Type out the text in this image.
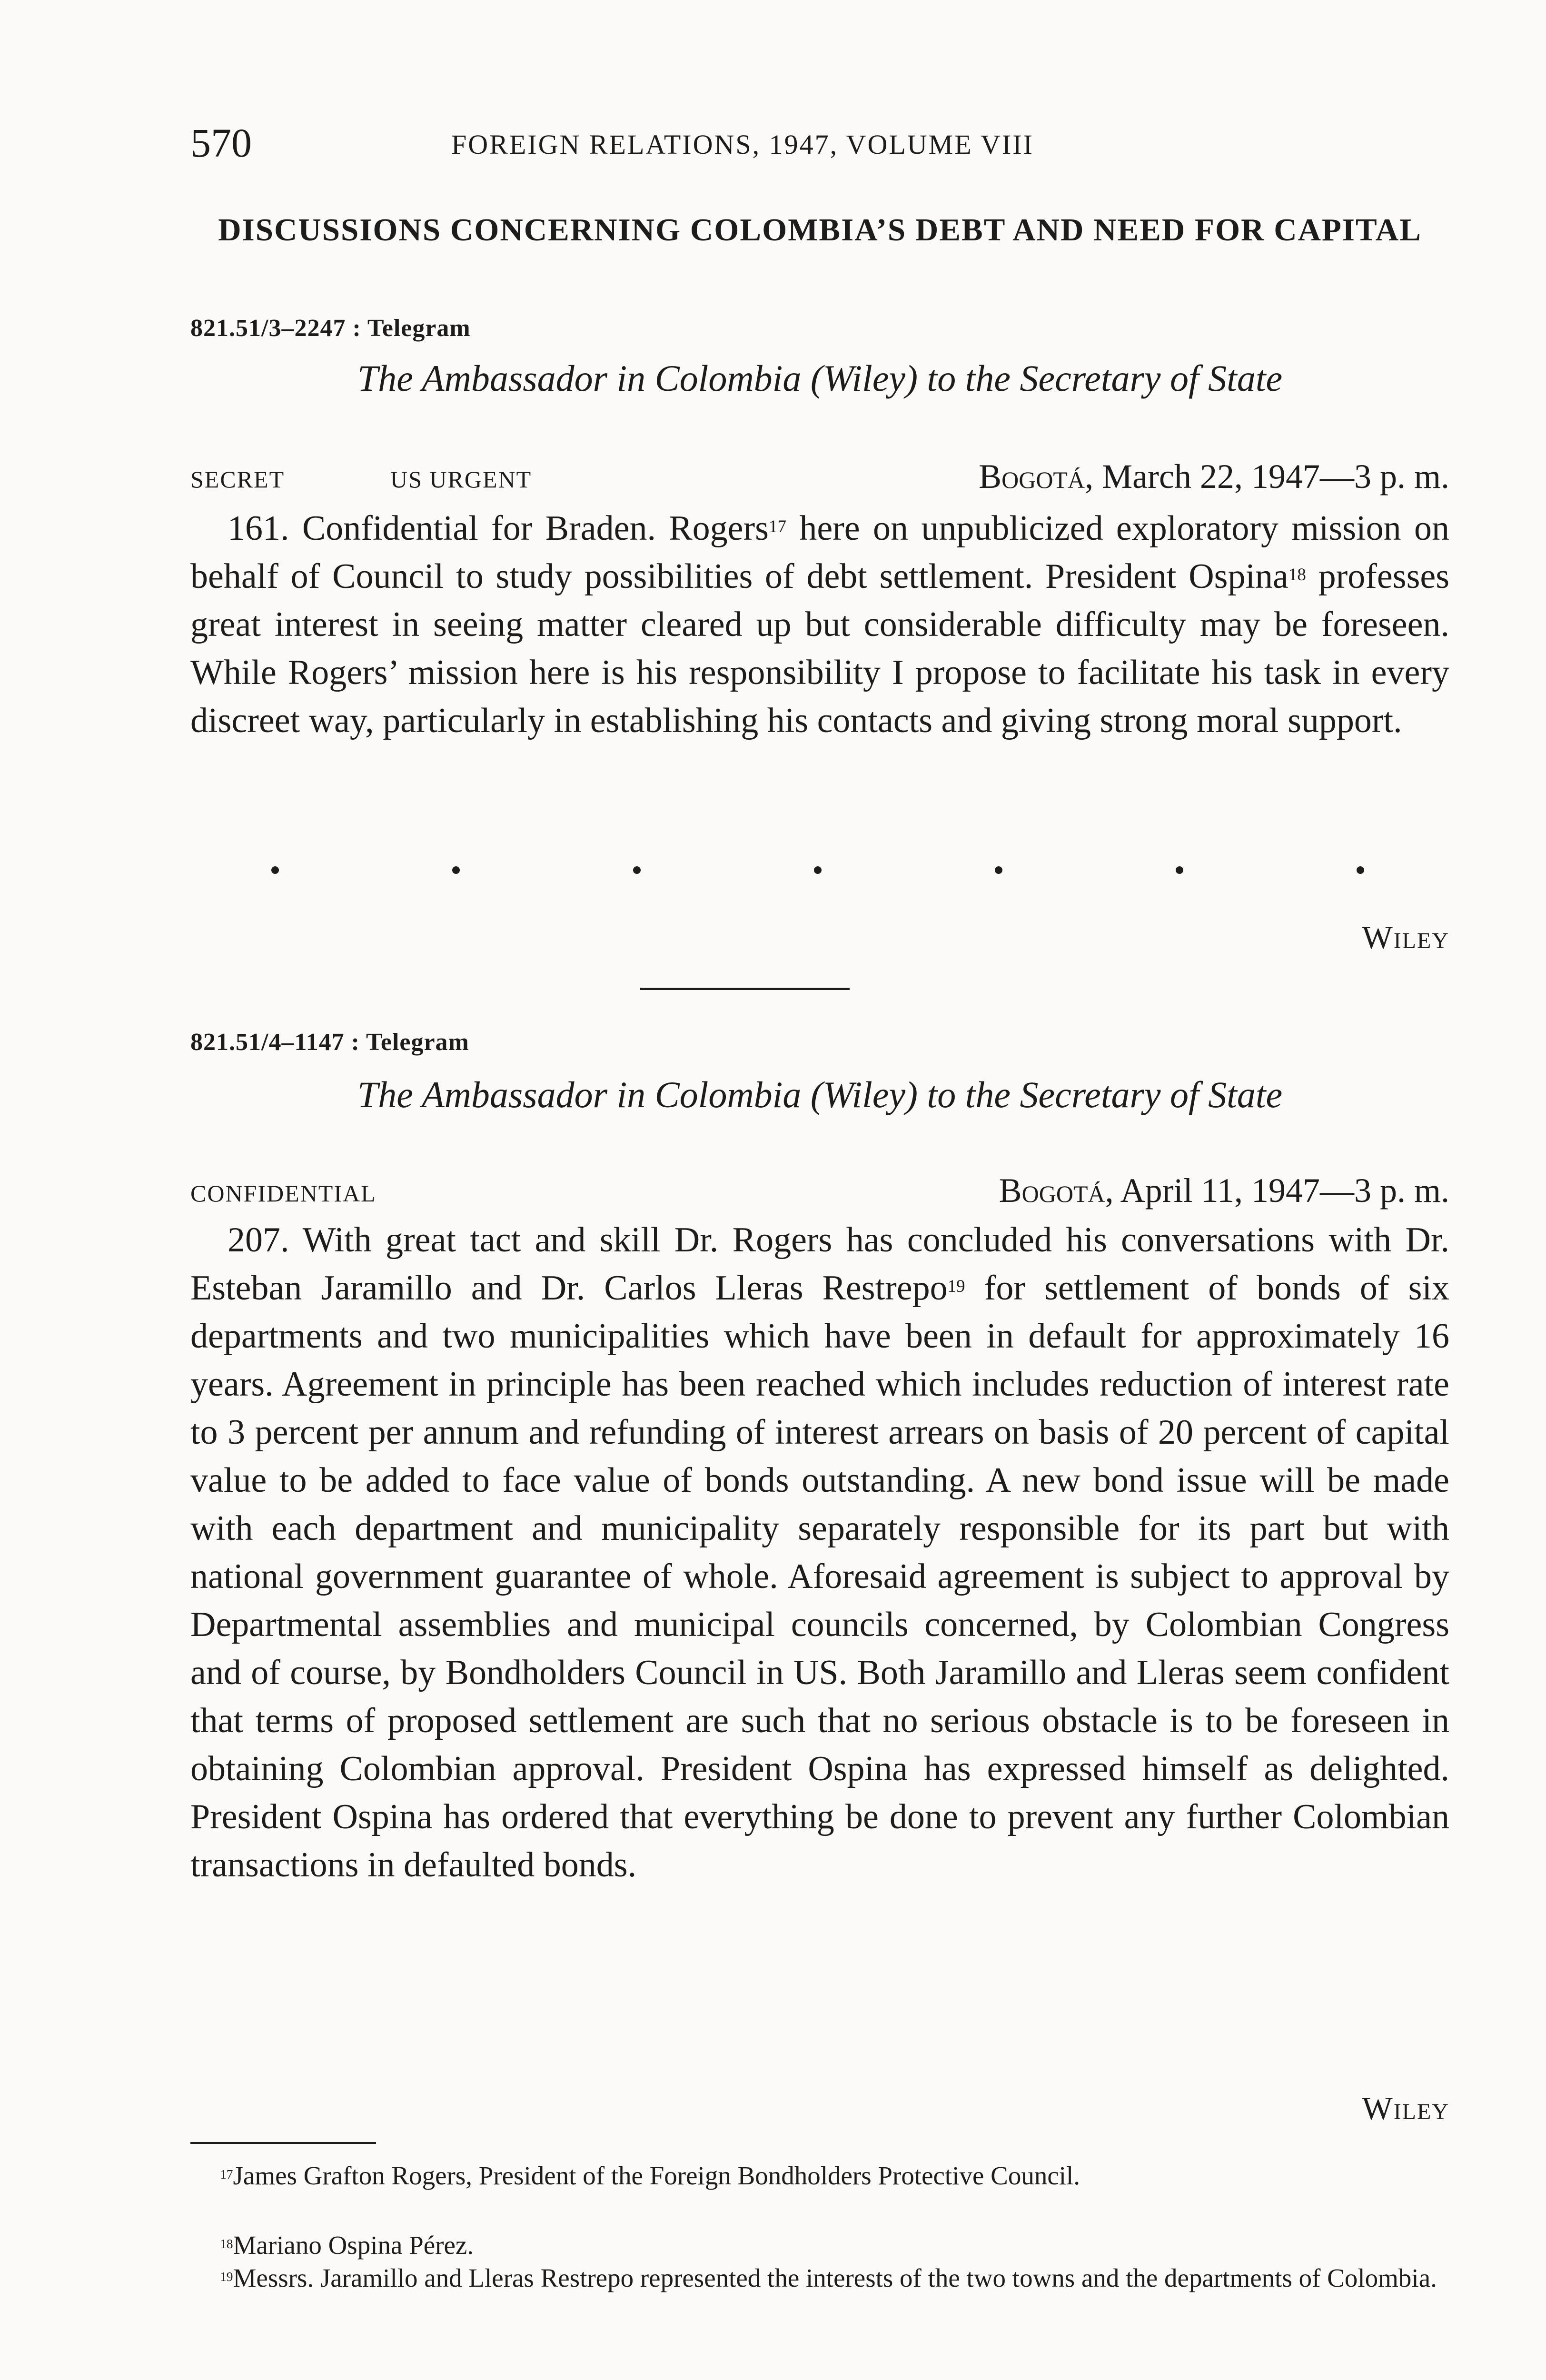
570	FOREIGN RELATIONS, 1947, VOLUME VIII
DISCUSSIONS CONCERNING COLOMBIA’S DEBT AND NEED FOR CAPITAL
821.51/3–2247 : Telegram
The Ambassador in Colombia (Wiley) to the Secretary of State
SECRET	US URGENT	Bogotá, March 22, 1947—3 p. m.

161. Confidential for Braden. Rogers$^{17}$ here on unpublicized exploratory mission on behalf of Council to study possibilities of debt settlement. President Ospina$^{18}$ professes great interest in seeing matter cleared up but considerable difficulty may be foreseen. While Rogers’ mission here is his responsibility I propose to facilitate his task in every discreet way, particularly in establishing his contacts and giving strong moral support.

Wiley
821.51/4–1147 : Telegram
The Ambassador in Colombia (Wiley) to the Secretary of State
CONFIDENTIAL	Bogotá, April 11, 1947—3 p. m.

207. With great tact and skill Dr. Rogers has concluded his conversations with Dr. Esteban Jaramillo and Dr. Carlos Lleras Restrepo$^{19}$ for settlement of bonds of six departments and two municipalities which have been in default for approximately 16 years. Agreement in principle has been reached which includes reduction of interest rate to 3 percent per annum and refunding of interest arrears on basis of 20 percent of capital value to be added to face value of bonds outstanding. A new bond issue will be made with each department and municipality separately responsible for its part but with national government guarantee of whole. Aforesaid agreement is subject to approval by Departmental assemblies and municipal councils concerned, by Colombian Congress and of course, by Bondholders Council in US. Both Jaramillo and Lleras seem confident that terms of proposed settlement are such that no serious obstacle is to be foreseen in obtaining Colombian approval. President Ospina has expressed himself as delighted. President Ospina has ordered that everything be done to prevent any further Colombian transactions in defaulted bonds.

Wiley

$^{17}$James Grafton Rogers, President of the Foreign Bondholders Protective Council.

$^{18}$Mariano Ospina Pérez.

$^{19}$Messrs. Jaramillo and Lleras Restrepo represented the interests of the two towns and the departments of Colombia.
